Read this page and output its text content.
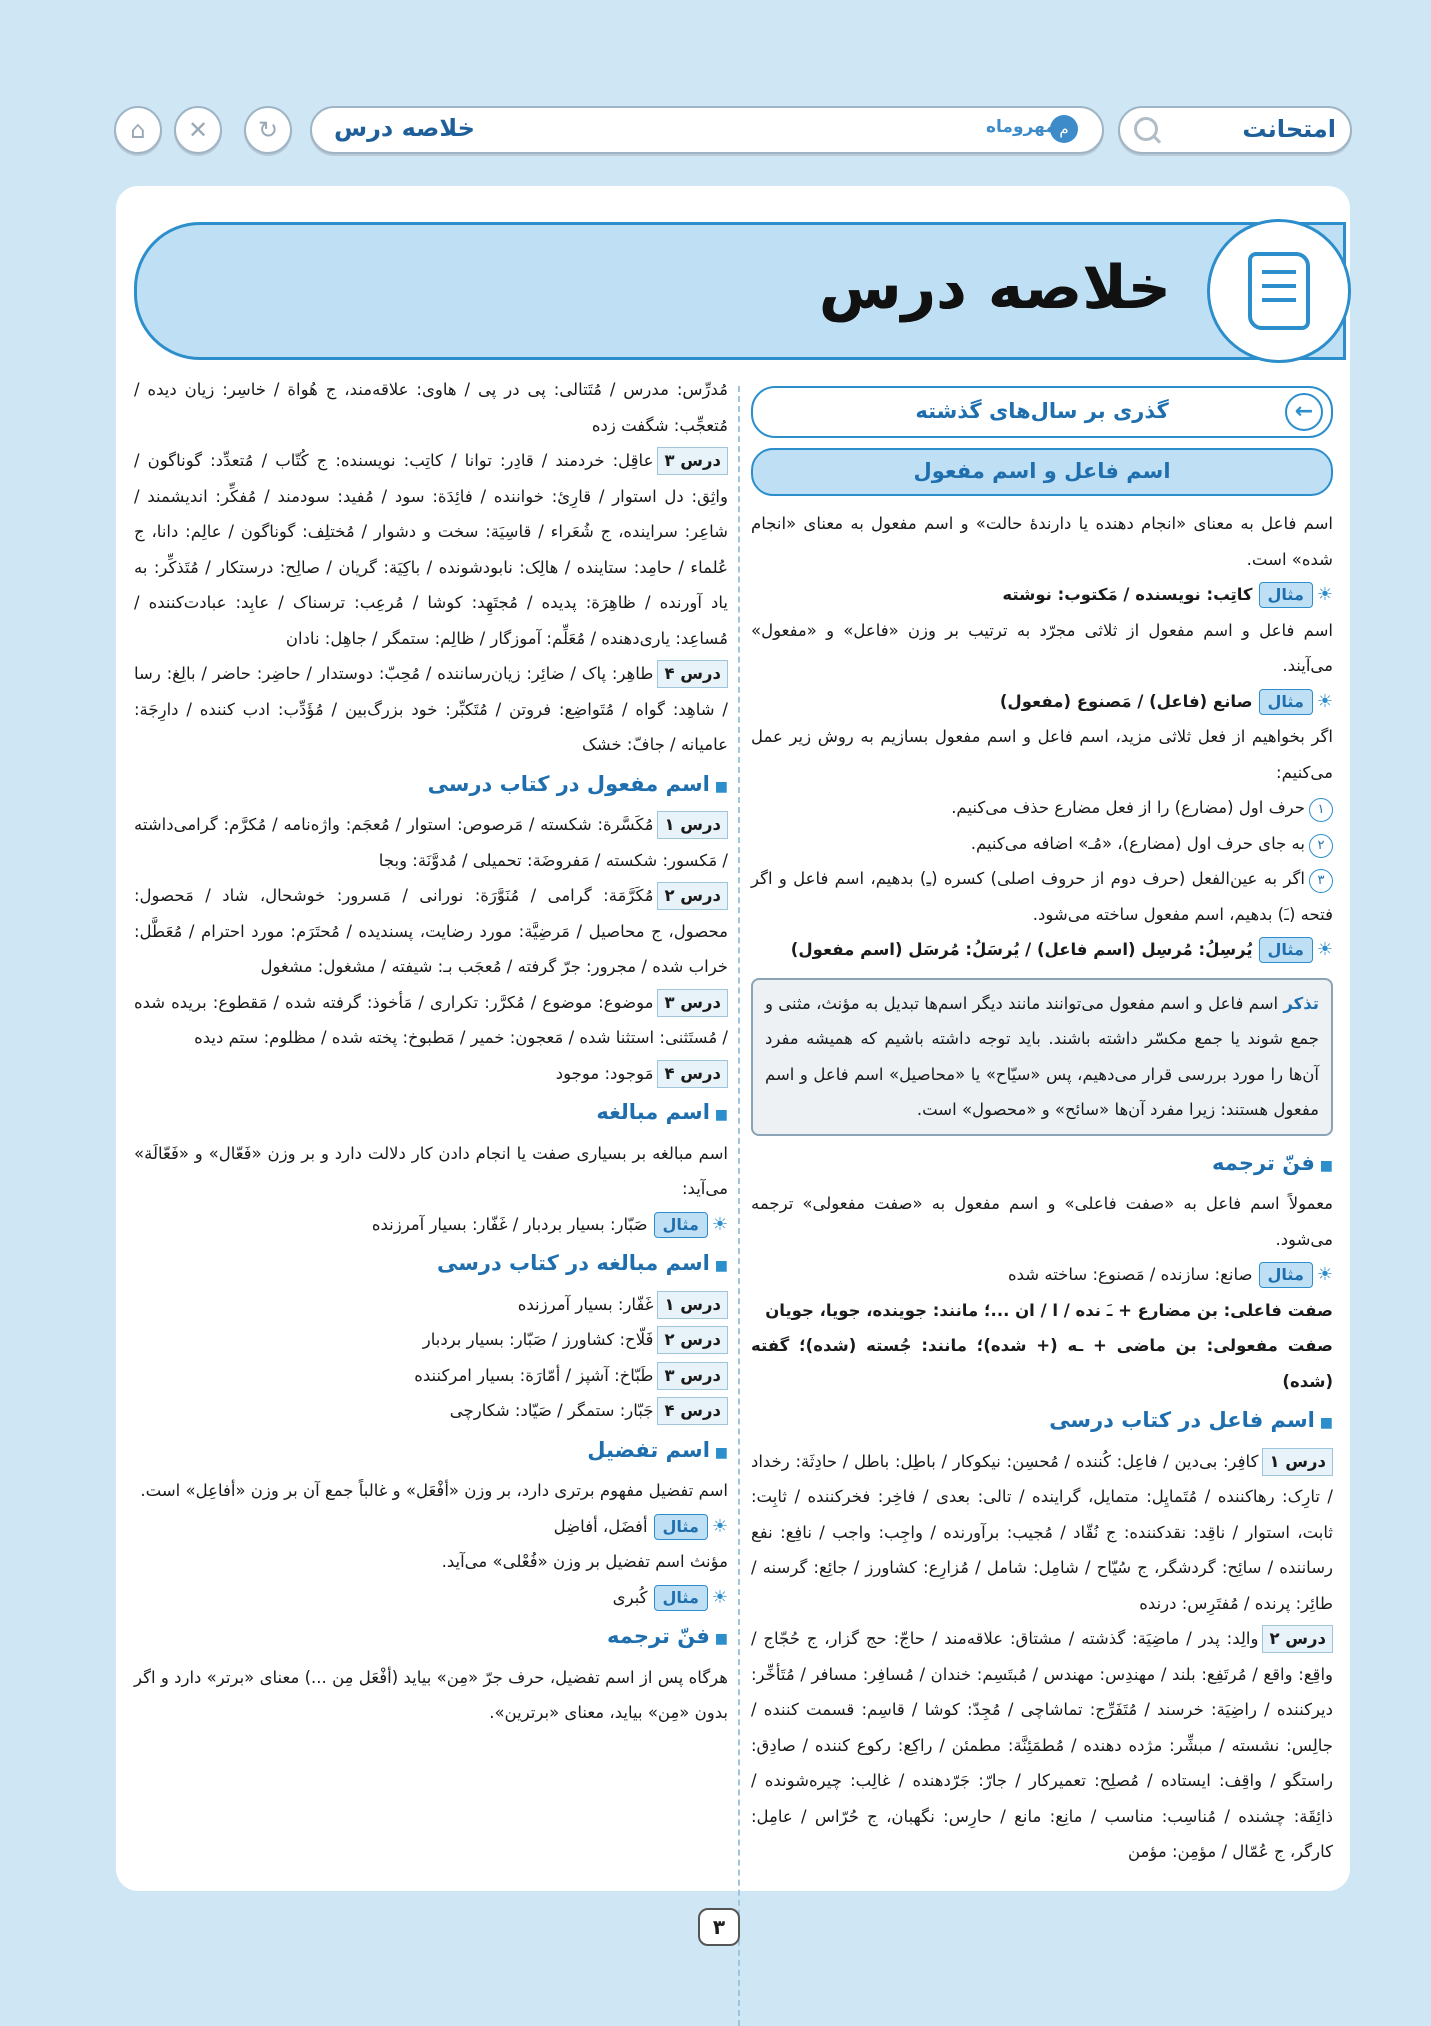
امتحانت
م
مهروماه
خلاصه درس
↻
✕
⌂
خلاصه درس
←
گذری بر سال‌های گذشته
اسم فاعل و اسم مفعول

اسم فاعل به معنای «انجام دهنده یا دارندهٔ حالت» و اسم مفعول به معنای «انجام شده» است.

☀مثالکاتِب: نویسنده / مَکتوب: نوشته

اسم فاعل و اسم مفعول از ثلاثی مجرّد به ترتیب بر وزن «فاعل» و «مفعول» می‌آیند.

☀مثالصانع (فاعل) / مَصنوع (مفعول)

اگر بخواهیم از فعل ثلاثی مزید، اسم فاعل و اسم مفعول بسازیم به روش زیر عمل می‌کنیم:

۱حرف اول (مضارع) را از فعل مضارع حذف می‌کنیم.

۲به جای حرف اول (مضارع)، «مُـ» اضافه می‌کنیم.

۳اگر به عین‌الفعل (حرف دوم از حروف اصلی) کسره (ـِ) بدهیم، اسم فاعل و اگر فتحه (ـَ) بدهیم، اسم مفعول ساخته می‌شود.

☀مثالیُرسِلُ: مُرسِل (اسم فاعل) / یُرسَلُ: مُرسَل (اسم مفعول)

تذکر اسم فاعل و اسم مفعول می‌توانند مانند دیگر اسم‌ها تبدیل به مؤنث، مثنی و جمع شوند یا جمع مکسّر داشته باشند. باید توجه داشته باشیم که همیشه مفرد آن‌ها را مورد بررسی قرار می‌دهیم، پس «سیّاح» یا «محاصیل» اسم فاعل و اسم مفعول هستند: زیرا مفرد آن‌ها «سائح» و «محصول» است.
■ فنّ ترجمه

معمولاً اسم فاعل به «صفت فاعلی» و اسم مفعول به «صفت مفعولی» ترجمه می‌شود.

☀مثالصانع: سازنده / مَصنوع: ساخته شده

صفت فاعلی: بن مضارع + ـَ نده / ا / ان ...؛ مانند: جوینده، جویا، جویان

صفت مفعولی: بن ماضی + ـه (+ شده)؛ مانند: جُسته (شده)؛ گفته (شده)

■ اسم فاعل در کتاب درسی

درس ۱کافِر: بی‌دین / فاعِل: کُننده / مُحسِن: نیکوکار / باطِل: باطل / حادِثَة: رخداد / تارِک: رهاکننده / مُتَمایِل: متمایل، گراینده / تالی: بعدی / فاخِر: فخرکننده / ثابِت: ثابت، استوار / ناقِد: نقدکننده: ج نُقّاد / مُجیب: برآورنده / واجِب: واجب / نافِع: نفع رساننده / سائِح: گردشگر، ج سُیّاح / شامِل: شامل / مُزارِع: کشاورز / جائِع: گرسنه / طائِر: پرنده / مُفتَرِس: درنده

درس ۲والِد: پدر / ماضِیَة: گذشته / مشتاق: علاقه‌مند / حاجّ: حج گزار، ج حُجّاج / واقِع: واقع / مُرتَفِع: بلند / مهندِس: مهندس / مُبتَسِم: خندان / مُسافِر: مسافر / مُتَأخِّر: دیرکننده / راضِیَة: خرسند / مُتَفَرِّج: تماشاچی / مُجِدّ: کوشا / قاسِم: قسمت کننده / جالِس: نشسته / مبشِّر: مژده دهنده / مُطمَئِنَّة: مطمئن / راکِع: رکوع کننده / صادِق: راستگو / واقِف: ایستاده / مُصلِح: تعمیرکار / جارّ: جَرّدهنده / غالِب: چیره‌شونده / ذائِقَة: چشنده / مُناسِب: مناسب / مانِع: مانع / حارِس: نگهبان، ج حُرّاس / عامِل: کارگر، ج عُمّال / مؤمِن: مؤمن

مُدرِّس: مدرس / مُتَتالی: پی در پی / هاوی: علاقه‌مند، ج هُواة / خاسِر: زیان دیده / مُتعجِّب: شگفت زده

درس ۳عاقِل: خردمند / قادِر: توانا / کاتِب: نویسنده: ج کُتّاب / مُتعدِّد: گوناگون / واثِق: دل استوار / قارِئ: خواننده / فائِدَة: سود / مُفید: سودمند / مُفکِّر: اندیشمند / شاعِر: سراینده، ج شُعَراء / قاسِیَة: سخت و دشوار / مُختلِف: گوناگون / عالِم: دانا، ج عُلماء / حامِد: ستاینده / هالِک: نابودشونده / باکِیَة: گریان / صالِح: درستکار / مُتَذکِّر: به یاد آورنده / ظاهِرَة: پدیده / مُجتَهِد: کوشا / مُرعِب: ترسناک / عابِد: عبادت‌کننده / مُساعِد: یاری‌دهنده / مُعَلِّم: آموزگار / ظالِم: ستمگر / جاهِل: نادان

درس ۴طاهِر: پاک / ضائِر: زیان‌رساننده / مُحِبّ: دوستدار / حاضِر: حاضر / بالِغ: رسا / شاهِد: گواه / مُتَواضِع: فروتن / مُتَکبِّر: خود بزرگ‌بین / مُؤَدِّب: ادب کننده / دارِجَة: عامیانه / جافّ: خشک

■ اسم مفعول در کتاب درسی

درس ۱مُکَسَّرة: شکسته / مَرصوص: استوار / مُعجَم: واژه‌نامه / مُکرَّم: گرامی‌داشته / مَکسور: شکسته / مَفروضَة: تحمیلی / مُدوَّنَة: وبجا

درس ۲مُکَرَّمَة: گرامی / مُنَوَّرَة: نورانی / مَسرور: خوشحال، شاد / مَحصول: محصول، ج محاصیل / مَرضِیَّة: مورد رضایت، پسندیده / مُحتَرَم: مورد احترام / مُعَطَّل: خراب شده / مجرور: جرّ گرفته / مُعجَب بـ: شیفته / مشغول: مشغول

درس ۳موضوع: موضوع / مُکرَّر: تکراری / مَأخوذ: گرفته شده / مَقطوع: بریده شده / مُستَثنی: استثنا شده / مَعجون: خمیر / مَطبوخ: پخته شده / مظلوم: ستم دیده

درس ۴مَوجود: موجود

■ اسم مبالغه

اسم مبالغه بر بسیاری صفت یا انجام دادن کار دلالت دارد و بر وزن «فَعّال» و «فَعّالَة» می‌آید:

☀مثالصَبّار: بسیار بردبار / غَفّار: بسیار آمرزنده

■ اسم مبالغه در کتاب درسی

درس ۱غَفّار: بسیار آمرزنده

درس ۲فَلّاح: کشاورز / صَبّار: بسیار بردبار

درس ۳طَبّاخ: آشپز / أمّارَة: بسیار امرکننده

درس ۴جَبّار: ستمگر / صَیّاد: شکارچی

■ اسم تفضیل

اسم تفضیل مفهوم برتری دارد، بر وزن «أفْعَل» و غالباً جمع آن بر وزن «أفاعِل» است.

☀مثالأفضَل، أفاضِل

مؤنث اسم تفضیل بر وزن «فُعْلی» می‌آید.

☀مثالکُبری

■ فنّ ترجمه

هرگاه پس از اسم تفضیل، حرف جرّ «مِن» بیاید (أفْعَل مِن ...) معنای «برتر» دارد و اگر بدون «مِن» بیاید، معنای «برترین».

۳
